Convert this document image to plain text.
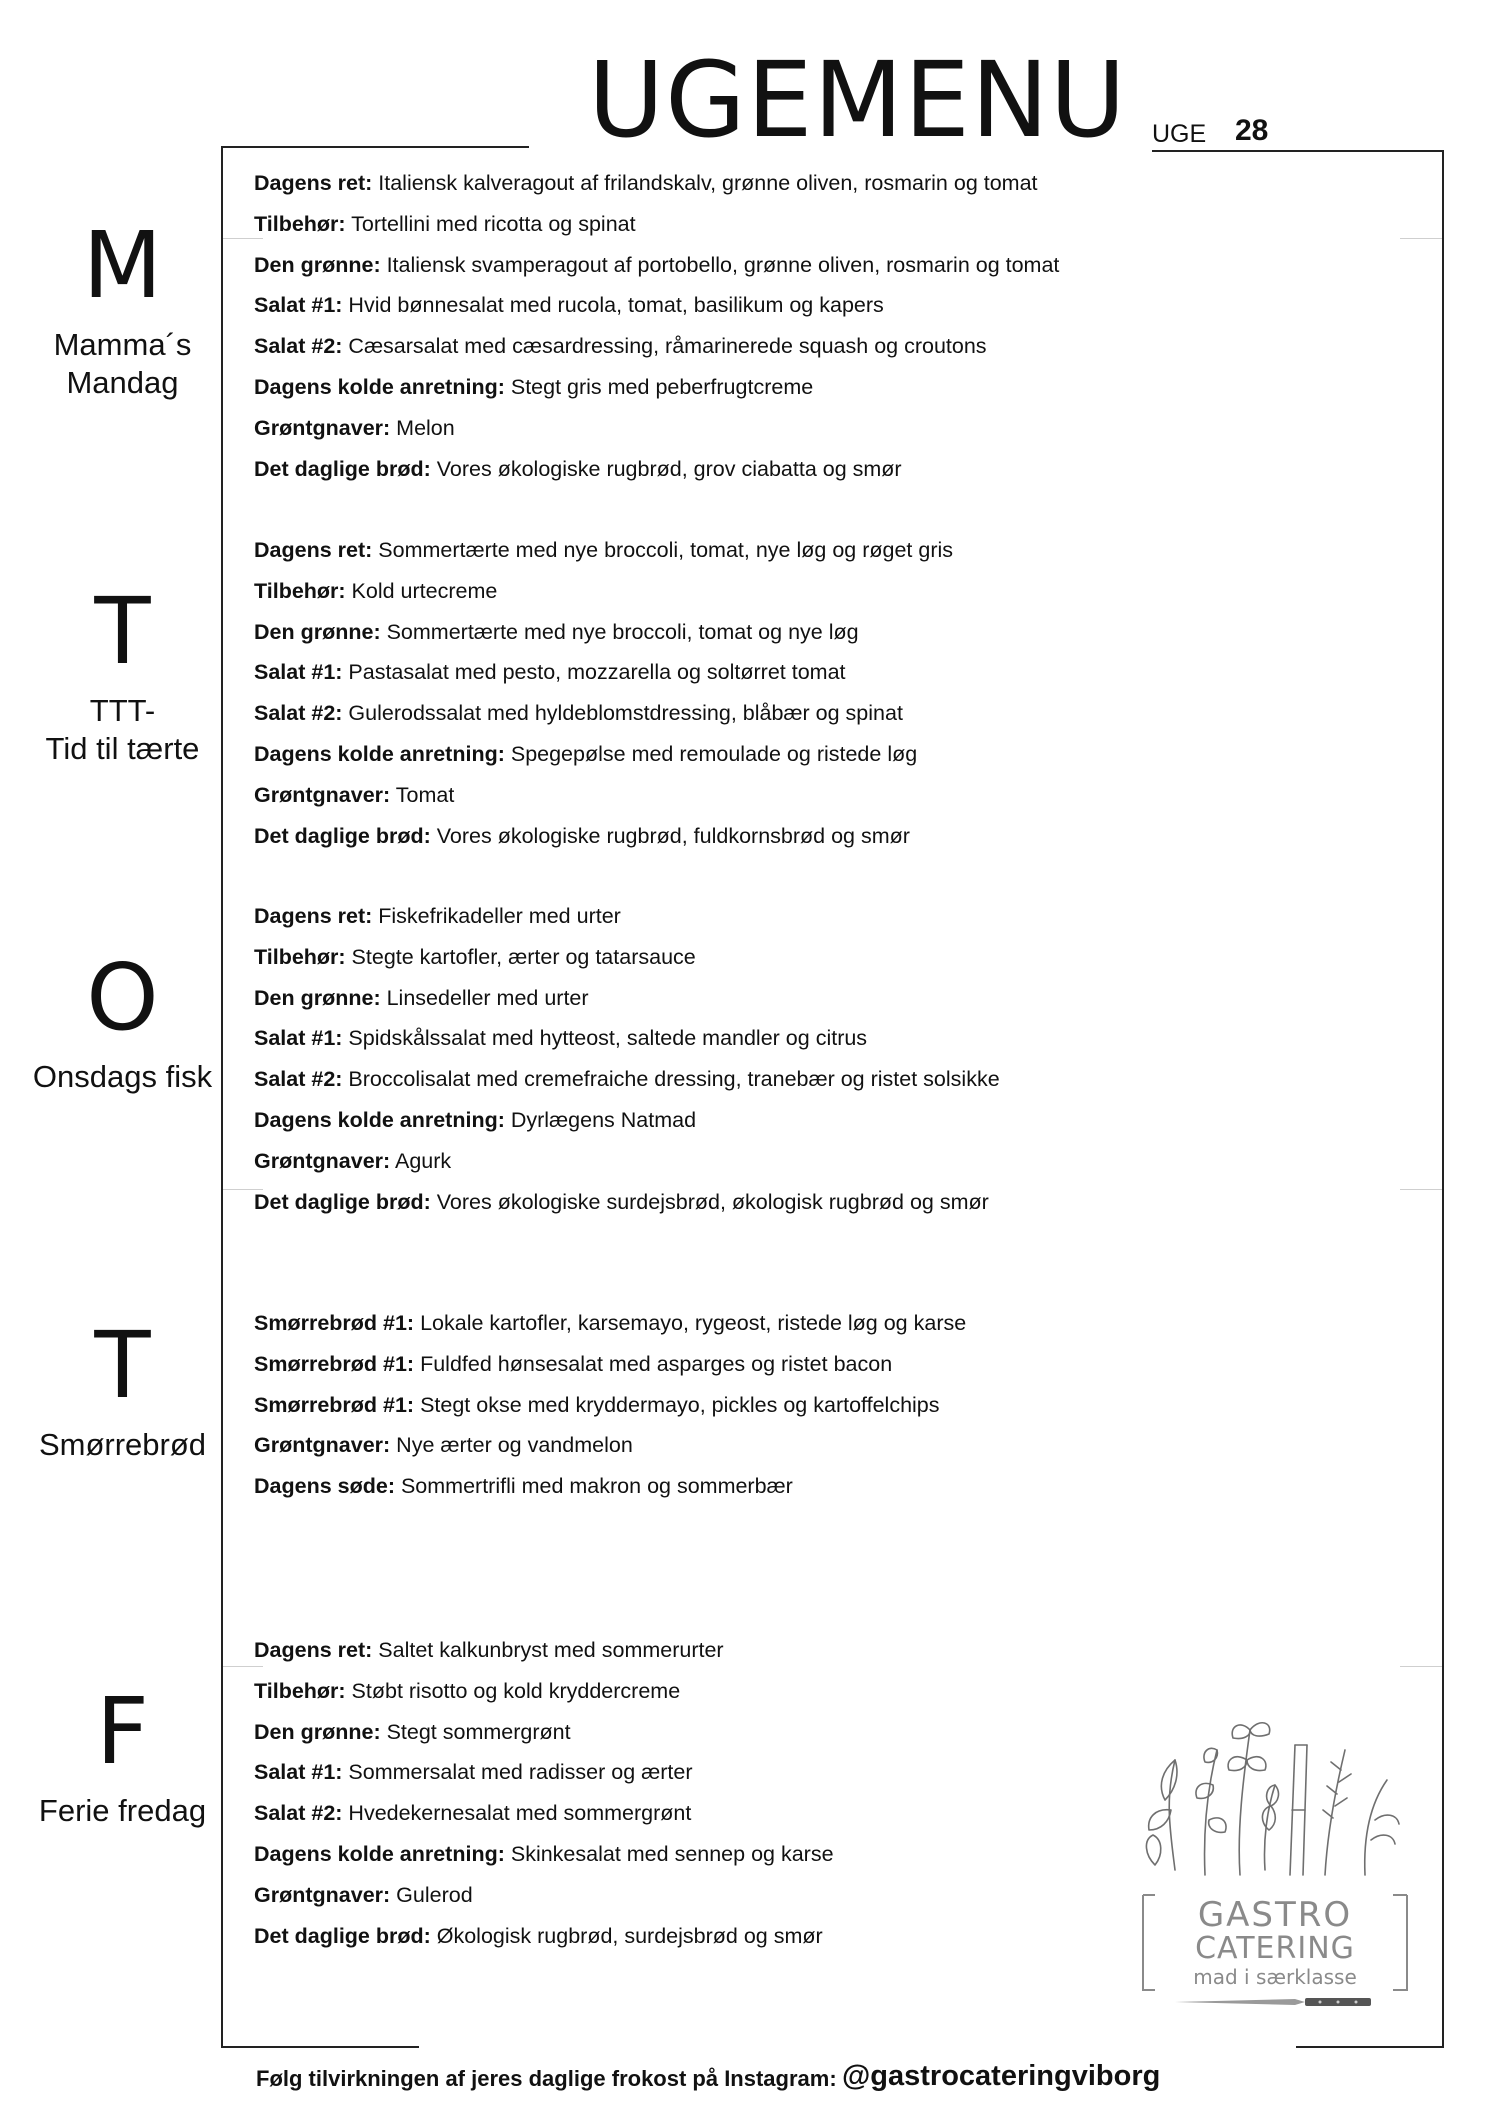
UGEMENU UGE 28
M
Mamma´s
Mandag
T
TTT-
Tid til tærte
O
Onsdags fisk
T
Smørrebrød
F
Ferie fredag
Dagens ret: Italiensk kalveragout af frilandskalv, grønne oliven, rosmarin og tomat
Tilbehør: Tortellini med ricotta og spinat
Den grønne: Italiensk svamperagout af portobello, grønne oliven, rosmarin og tomat
Salat #1: Hvid bønnesalat med rucola, tomat, basilikum og kapers
Salat #2: Cæsarsalat med cæsardressing, råmarinerede squash og croutons
Dagens kolde anretning: Stegt gris med peberfrugtcreme
Grøntgnaver: Melon
Det daglige brød: Vores økologiske rugbrød, grov ciabatta og smør
Dagens ret: Sommertærte med nye broccoli, tomat, nye løg og røget gris
Tilbehør: Kold urtecreme
Den grønne: Sommertærte med nye broccoli, tomat og nye løg
Salat #1: Pastasalat med pesto, mozzarella og soltørret tomat
Salat #2: Gulerodssalat med hyldeblomstdressing, blåbær og spinat
Dagens kolde anretning: Spegepølse med remoulade og ristede løg
Grøntgnaver: Tomat
Det daglige brød: Vores økologiske rugbrød, fuldkornsbrød og smør
Dagens ret: Fiskefrikadeller med urter
Tilbehør: Stegte kartofler, ærter og tatarsauce
Den grønne: Linsedeller med urter
Salat #1: Spidskålssalat med hytteost, saltede mandler og citrus
Salat #2: Broccolisalat med cremefraiche dressing, tranebær og ristet solsikke
Dagens kolde anretning: Dyrlægens Natmad
Grøntgnaver: Agurk
Det daglige brød: Vores økologiske surdejsbrød, økologisk rugbrød og smør
Smørrebrød #1: Lokale kartofler, karsemayo, rygeost, ristede løg og karse
Smørrebrød #1: Fuldfed hønsesalat med asparges og ristet bacon
Smørrebrød #1: Stegt okse med kryddermayo, pickles og kartoffelchips
Grøntgnaver: Nye ærter og vandmelon
Dagens søde: Sommertrifli med makron og sommerbær
Dagens ret: Saltet kalkunbryst med sommerurter
Tilbehør: Støbt risotto og kold kryddercreme
Den grønne: Stegt sommergrønt
Salat #1: Sommersalat med radisser og ærter
Salat #2: Hvedekernesalat med sommergrønt
Dagens kolde anretning: Skinkesalat med sennep og karse
Grøntgnaver: Gulerod
Det daglige brød: Økologisk rugbrød, surdejsbrød og smør
GASTRO
CATERING
mad i særklasse
Følg tilvirkningen af jeres daglige frokost på Instagram: @gastrocateringviborg
